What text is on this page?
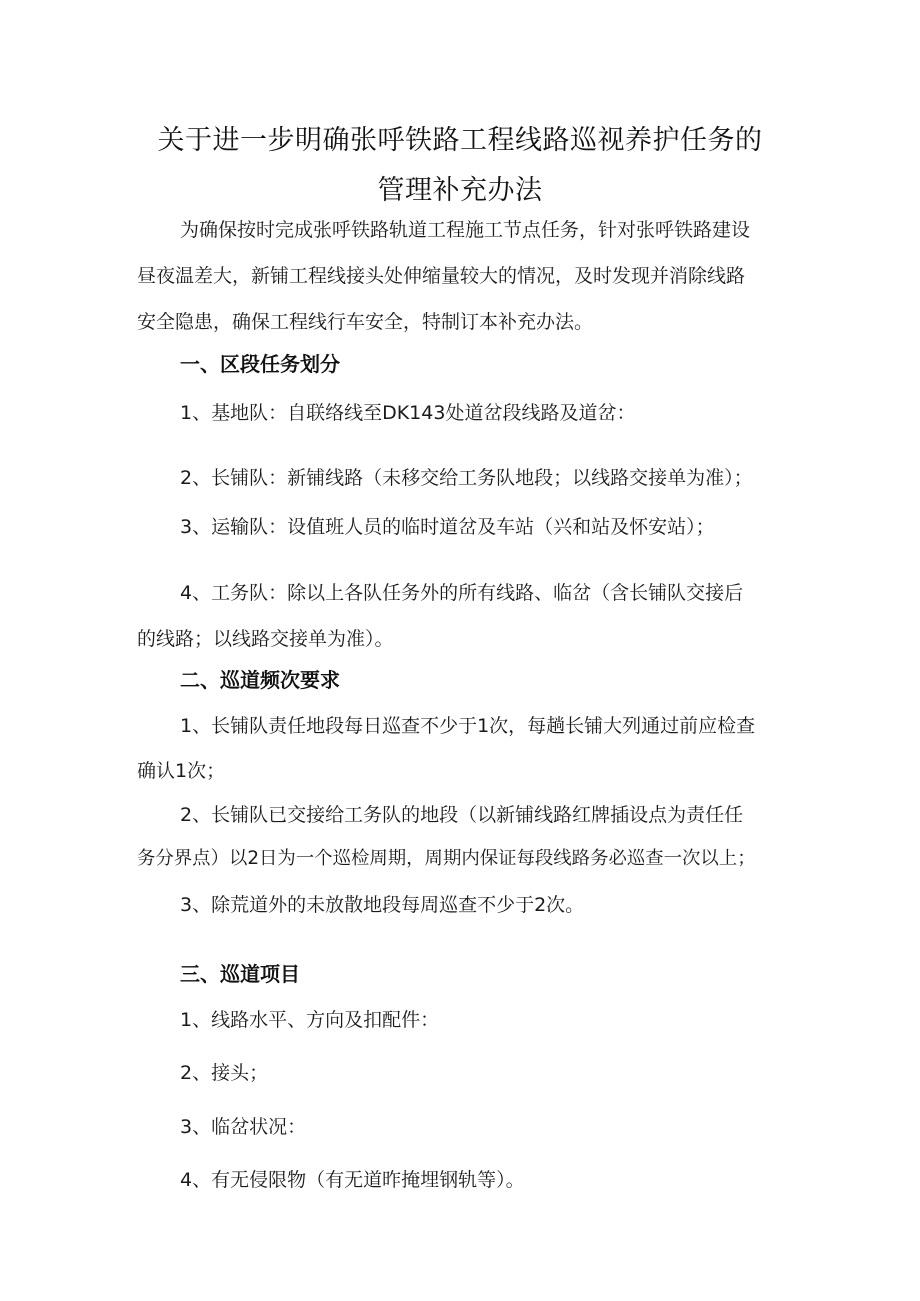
关于进一步明确张呼铁路工程线路巡视养护任务的
管理补充办法
为确保按时完成张呼铁路轨道工程施工节点任务，针对张呼铁路建设
昼夜温差大，新铺工程线接头处伸缩量较大的情况，及时发现并消除线路
安全隐患，确保工程线行车安全，特制订本补充办法。
一、区段任务划分
1、基地队：自联络线至DK143处道岔段线路及道岔：
2、长铺队：新铺线路（未移交给工务队地段；以线路交接单为准）；
3、运输队：设值班人员的临时道岔及车站（兴和站及怀安站）；
4、工务队：除以上各队任务外的所有线路、临岔（含长铺队交接后
的线路；以线路交接单为准）。
二、巡道频次要求
1、长铺队责任地段每日巡查不少于1次，每趟长铺大列通过前应检查
确认1次；
2、长铺队已交接给工务队的地段（以新铺线路红牌插设点为责任任
务分界点）以2日为一个巡检周期，周期内保证每段线路务必巡查一次以上；
3、除荒道外的未放散地段每周巡查不少于2次。
三、巡道项目
1、线路水平、方向及扣配件：
2、接头；
3、临岔状况：
4、有无侵限物（有无道昨掩埋钢轨等）。
